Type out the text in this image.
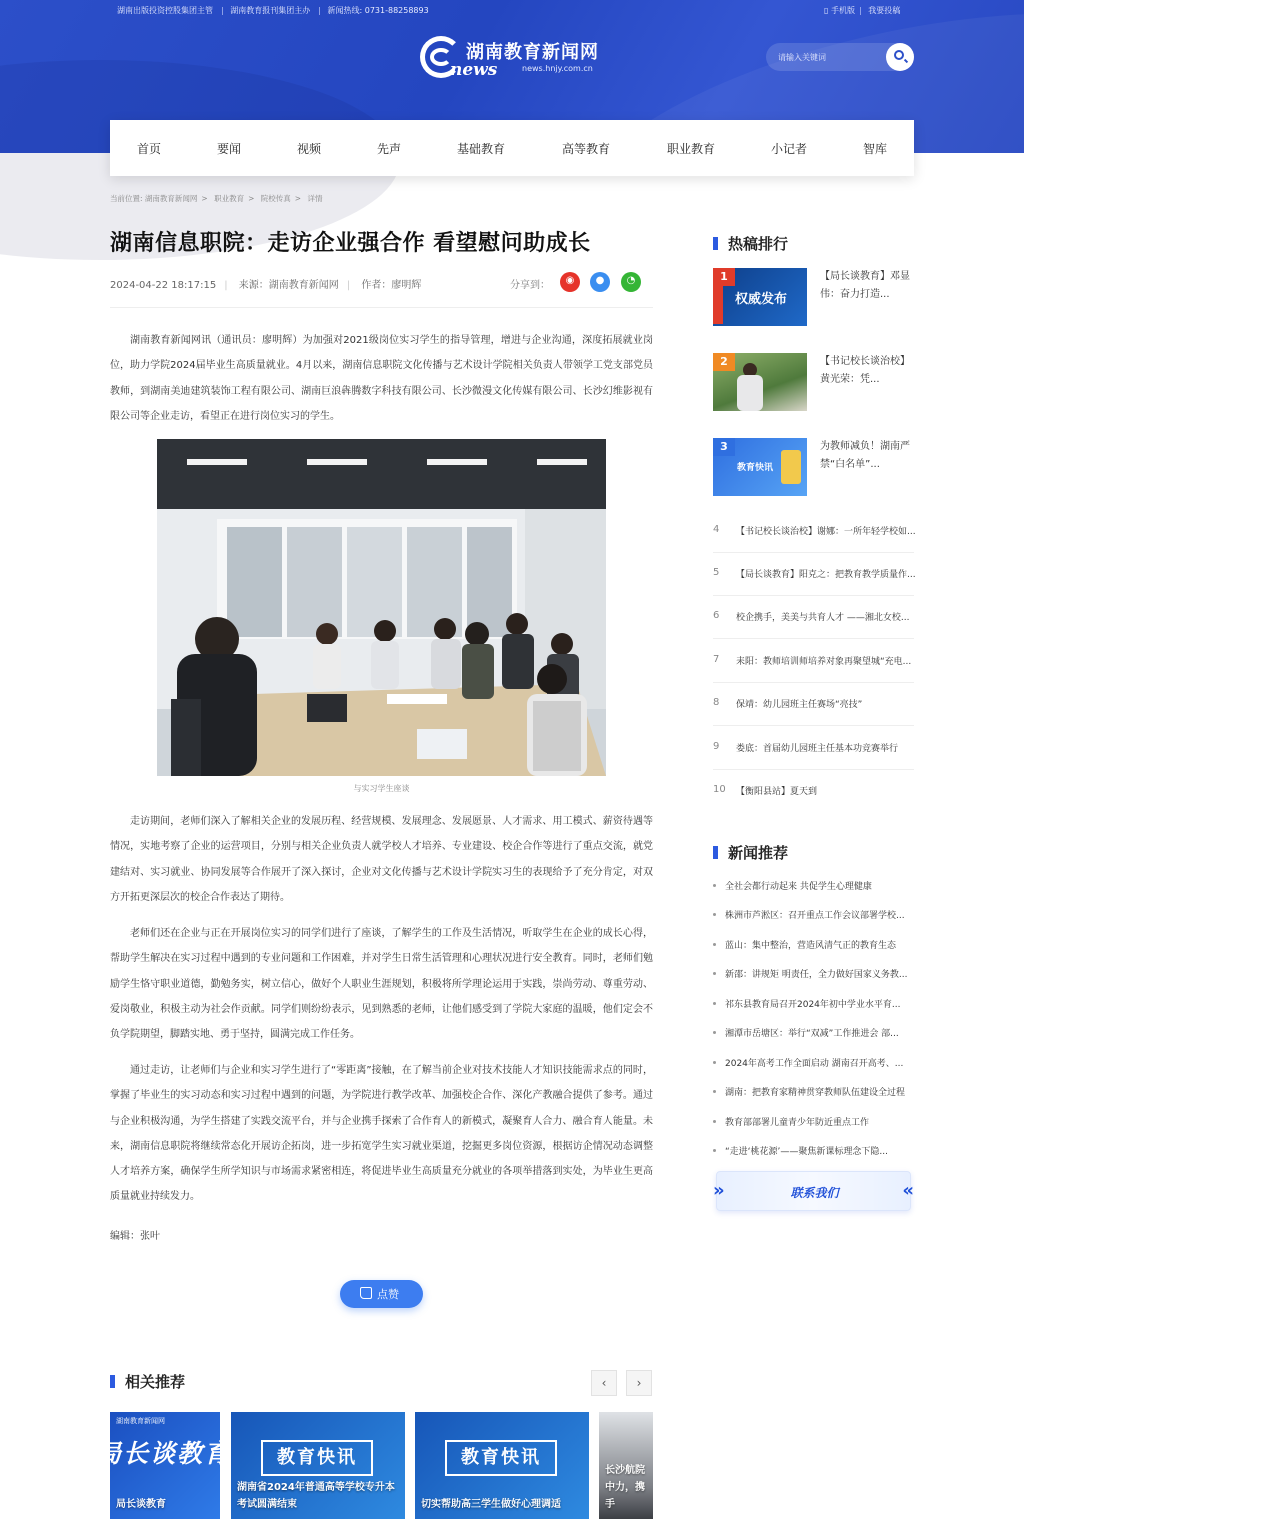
湖南出版投资控股集团主管 | 湖南教育报刊集团主办 | 新闻热线: 0731-88258893	▯ 手机版 | 我要投稿
湖南教育新闻网
news	news.hnjy.com.cn
请输入关键词
首页	要闻	视频	先声	基础教育	高等教育	职业教育	小记者	智库
当前位置: 湖南教育新闻网 > 职业教育 > 院校传真 > 详情
湖南信息职院：走访企业强合作 看望慰问助成长
2024-04-22 18:17:15 | 来源：湖南教育新闻网 | 作者：廖明辉	分享到：	◉	●	◔

湖南教育新闻网讯（通讯员：廖明辉）为加强对2021级岗位实习学生的指导管理，增进与企业沟通，深度拓展就业岗位，助力学院2024届毕业生高质量就业。4月以来，湖南信息职院文化传播与艺术设计学院相关负责人带领学工党支部党员教师，到湖南美迪建筑装饰工程有限公司、湖南巨浪犇腾数字科技有限公司、长沙微漫文化传媒有限公司、长沙幻维影视有限公司等企业走访，看望正在进行岗位实习的学生。

与实习学生座谈

走访期间，老师们深入了解相关企业的发展历程、经营规模、发展理念、发展愿景、人才需求、用工模式、薪资待遇等情况，实地考察了企业的运营项目，分别与相关企业负责人就学校人才培养、专业建设、校企合作等进行了重点交流，就党建结对、实习就业、协同发展等合作展开了深入探讨，企业对文化传播与艺术设计学院实习生的表现给予了充分肯定，对双方开拓更深层次的校企合作表达了期待。

老师们还在企业与正在开展岗位实习的同学们进行了座谈，了解学生的工作及生活情况，听取学生在企业的成长心得，帮助学生解决在实习过程中遇到的专业问题和工作困难，并对学生日常生活管理和心理状况进行安全教育。同时，老师们勉励学生恪守职业道德，勤勉务实，树立信心，做好个人职业生涯规划，积极将所学理论运用于实践，崇尚劳动、尊重劳动、爱岗敬业，积极主动为社会作贡献。同学们则纷纷表示，见到熟悉的老师，让他们感受到了学院大家庭的温暖，他们定会不负学院期望，脚踏实地、勇于坚持，圆满完成工作任务。

通过走访，让老师们与企业和实习学生进行了“零距离”接触，在了解当前企业对技术技能人才知识技能需求点的同时，掌握了毕业生的实习动态和实习过程中遇到的问题，为学院进行教学改革、加强校企合作、深化产教融合提供了参考。通过与企业积极沟通，为学生搭建了实践交流平台，并与企业携手探索了合作育人的新模式，凝聚育人合力、融合育人能量。未来，湖南信息职院将继续常态化开展访企拓岗，进一步拓宽学生实习就业渠道，挖掘更多岗位资源，根据访企情况动态调整人才培养方案，确保学生所学知识与市场需求紧密相连，将促进毕业生高质量充分就业的各项举措落到实处，为毕业生更高质量就业持续发力。

编辑：张叶
点赞
相关推荐	‹	›
湖南教育新闻网
局长谈教育
局长谈教育
教育快讯
湖南省2024年普通高等学校专升本考试圆满结束
教育快讯
切实帮助高三学生做好心理调适
长沙航院中力，携手
热稿排行
1
权威发布
【局长谈教育】邓显伟：奋力打造...
2	【书记校长谈治校】黄光荣：凭...
3
教育快讯
为教师减负！湖南严禁“白名单”...
4	【书记校长谈治校】谢娜：一所年轻学校如...
5	【局长谈教育】阳克之：把教育教学质量作...
6	校企携手，美美与共育人才 ——湘北女校...
7	耒阳：教师培训师培养对象再聚望城“充电...
8	保靖：幼儿园班主任赛场“亮技”
9	娄底：首届幼儿园班主任基本功竞赛举行
10	【衡阳县站】夏天到
新闻推荐
全社会都行动起来 共促学生心理健康
株洲市芦淞区：召开重点工作会议部署学校...
蓝山：集中整治，营造风清气正的教育生态
新邵：讲规矩 明责任，全力做好国家义务教...
祁东县教育局召开2024年初中学业水平育...
湘潭市岳塘区：举行“双减”工作推进会 部...
2024年高考工作全面启动 湖南召开高考、...
湖南：把教育家精神贯穿教师队伍建设全过程
教育部部署儿童青少年防近重点工作
“走进‘桃花源’——聚焦新课标理念下隐...
»	联系我们	«
